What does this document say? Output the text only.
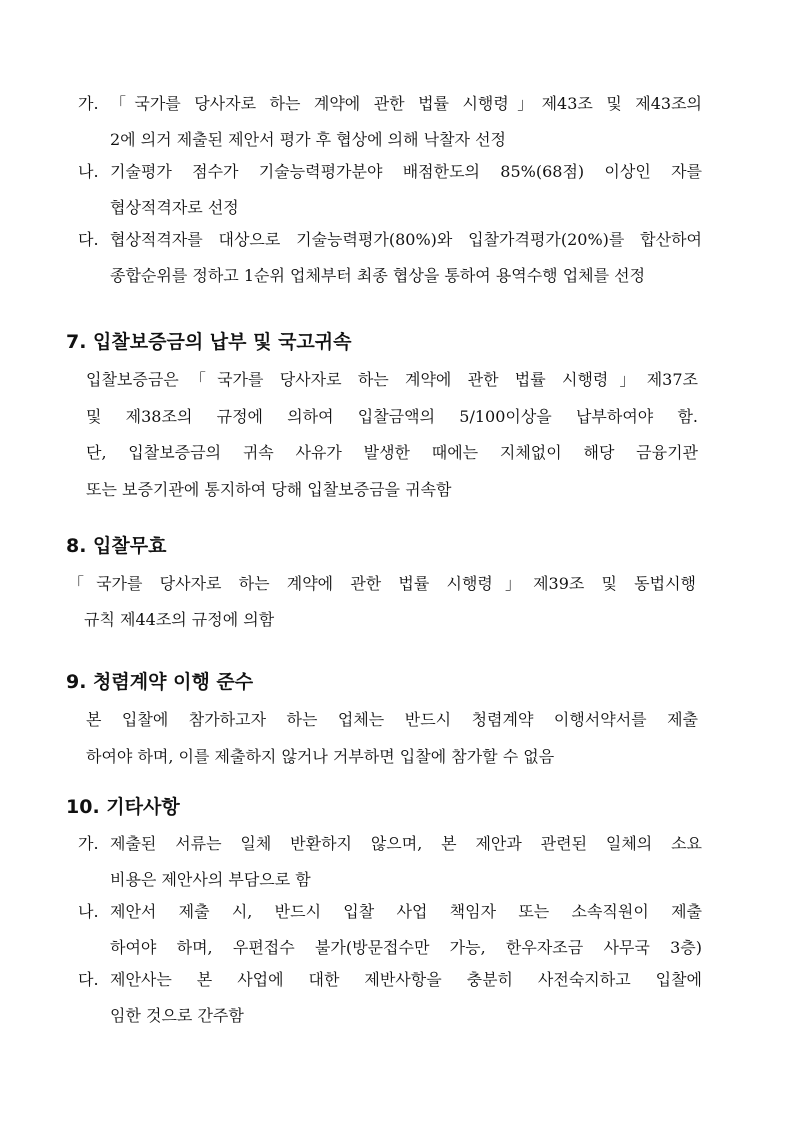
가. 「국가를 당사자로 하는 계약에 관한 법률 시행령」제43조 및 제43조의
2에 의거 제출된 제안서 평가 후 협상에 의해 낙찰자 선정
나. 기술평가 점수가 기술능력평가분야 배점한도의 85%(68점) 이상인 자를
협상적격자로 선정
다. 협상적격자를 대상으로 기술능력평가(80%)와 입찰가격평가(20%)를 합산하여
종합순위를 정하고 1순위 업체부터 최종 협상을 통하여 용역수행 업체를 선정
7. 입찰보증금의 납부 및 국고귀속
입찰보증금은「국가를 당사자로 하는 계약에 관한 법률 시행령」제37조
및 제38조의 규정에 의하여 입찰금액의 5/100이상을 납부하여야 함.
단, 입찰보증금의 귀속 사유가 발생한 때에는 지체없이 해당 금융기관
또는 보증기관에 통지하여 당해 입찰보증금을 귀속함
8. 입찰무효
「국가를 당사자로 하는 계약에 관한 법률 시행령」제39조 및 동법시행
규칙 제44조의 규정에 의함
9. 청렴계약 이행 준수
본 입찰에 참가하고자 하는 업체는 반드시 청렴계약 이행서약서를 제출
하여야 하며, 이를 제출하지 않거나 거부하면 입찰에 참가할 수 없음
10. 기타사항
가. 제출된 서류는 일체 반환하지 않으며, 본 제안과 관련된 일체의 소요
비용은 제안사의 부담으로 함
나. 제안서 제출 시, 반드시 입찰 사업 책임자 또는 소속직원이 제출
하여야 하며, 우편접수 불가(방문접수만 가능, 한우자조금 사무국 3층)
다. 제안사는 본 사업에 대한 제반사항을 충분히 사전숙지하고 입찰에
임한 것으로 간주함
